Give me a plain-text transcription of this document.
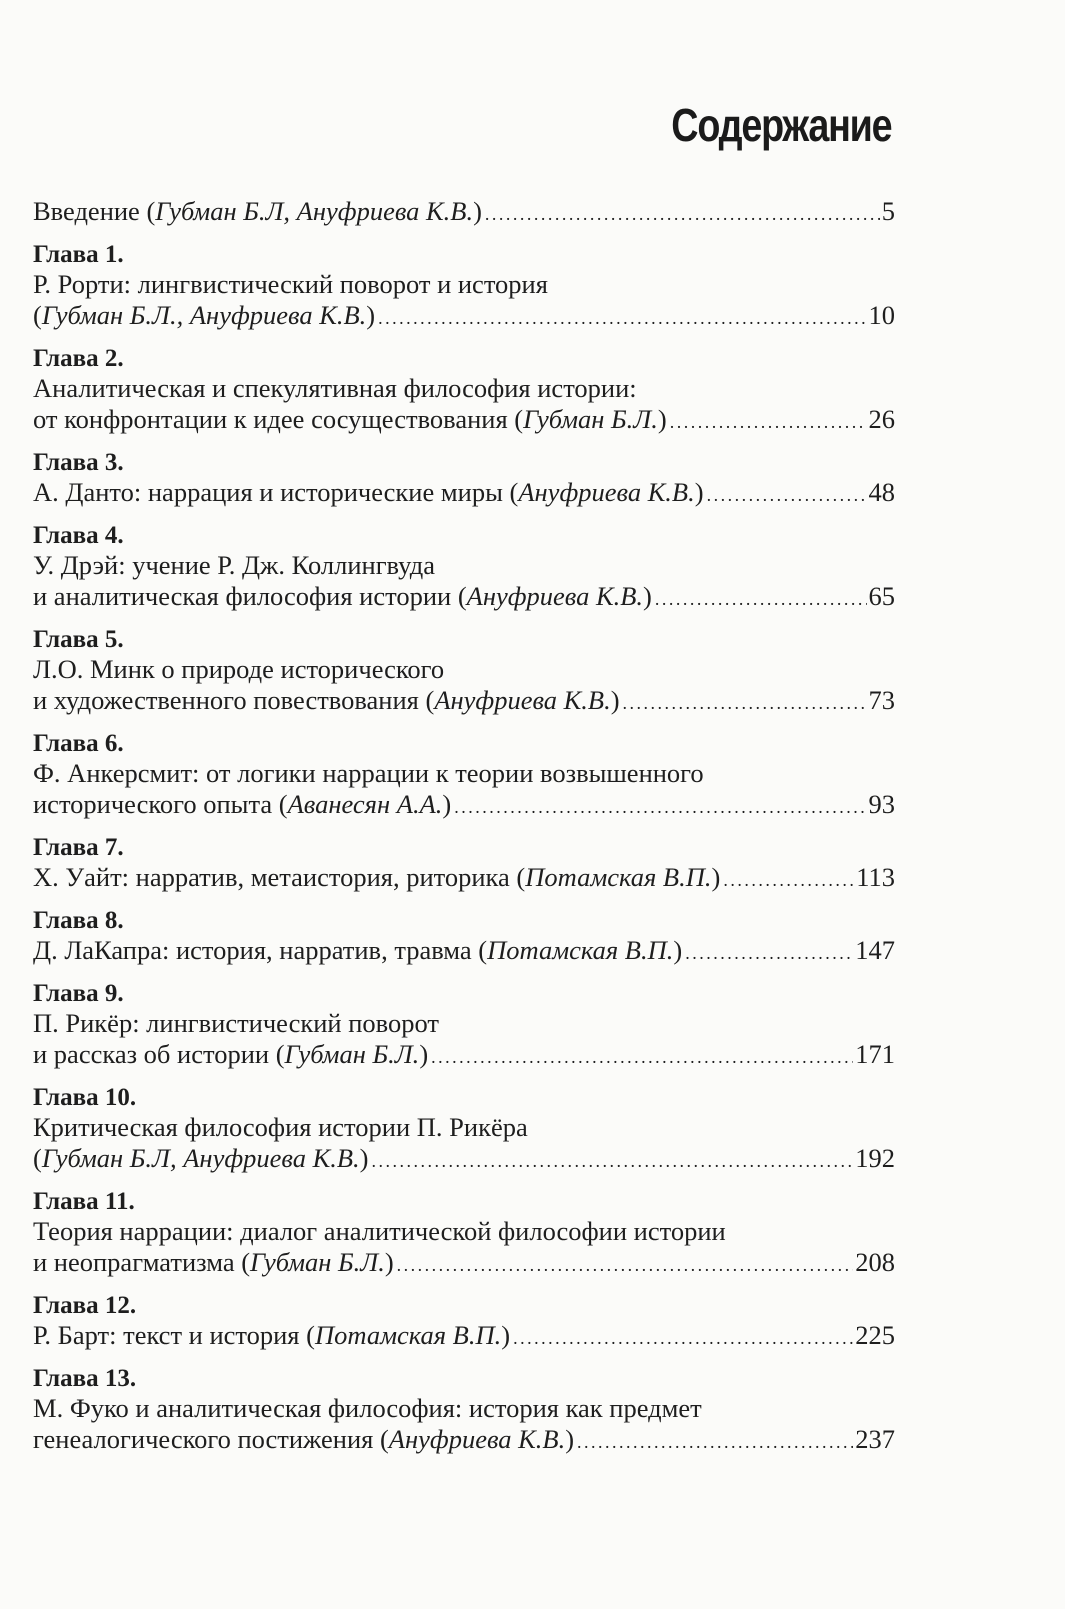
Содержание
Введение (Губман Б.Л, Ануфриева К.В.) .....	5
Глава 1.
Р. Рорти: лингвистический поворот и история
(Губман Б.Л., Ануфриева К.В.) .....	10
Глава 2.
Аналитическая и спекулятивная философия истории:
от конфронтации к идее сосуществования (Губман Б.Л.) .....	26
Глава 3.
А. Данто: наррация и исторические миры (Ануфриева К.В.) .....	48
Глава 4.
У. Дрэй: учение Р. Дж. Коллингвуда
и аналитическая философия истории (Ануфриева К.В.) .....	65
Глава 5.
Л.О. Минк о природе исторического
и художественного повествования (Ануфриева К.В.) .....	73
Глава 6.
Ф. Анкерсмит: от логики наррации к теории возвышенного
исторического опыта (Аванесян А.А.) .....	93
Глава 7.
Х. Уайт: нарратив, метаистория, риторика (Потамская В.П.) .....	113
Глава 8.
Д. ЛаКапра: история, нарратив, травма (Потамская В.П.) .....	147
Глава 9.
П. Рикёр: лингвистический поворот
и рассказ об истории (Губман Б.Л.) .....	171
Глава 10.
Критическая философия истории П. Рикёра
(Губман Б.Л, Ануфриева К.В.) .....	192
Глава 11.
Теория наррации: диалог аналитической философии истории
и неопрагматизма (Губман Б.Л.) .....	208
Глава 12.
Р. Барт: текст и история (Потамская В.П.) .....	225
Глава 13.
М. Фуко и аналитическая философия: история как предмет
генеалогического постижения (Ануфриева К.В.) .....	237
